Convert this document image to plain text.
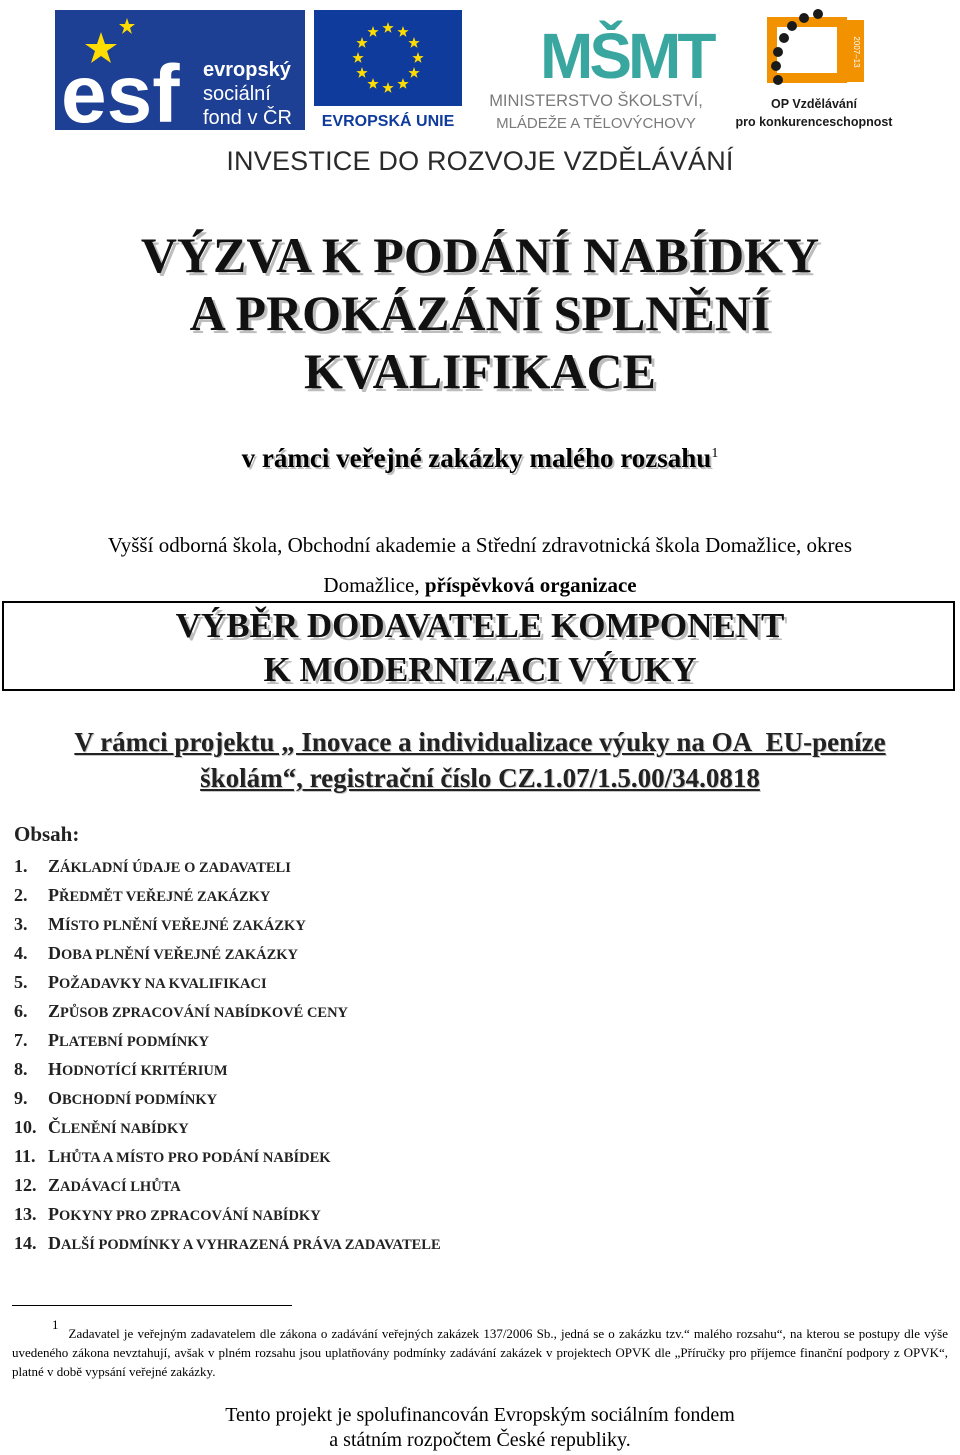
esf evropský
sociální
fond v ČR EVROPSKÁ UNIE
MŠMT
MINISTERSTVO ŠKOLSTVÍ,
MLÁDEŽE A TĚLOVÝCHOVY
2007–13
OP Vzdělávání
pro konkurenceschopnost
INVESTICE DO ROZVOJE VZDĚLÁVÁNÍ
VÝZVA K PODÁNÍ NABÍDKY
A PROKÁZÁNÍ SPLNĚNÍ
KVALIFIKACE
v rámci veřejné zakázky malého rozsahu$^1$
Vyšší odborná škola, Obchodní akademie a Střední zdravotnická škola Domažlice, okres
Domažlice, příspěvková organizace
VÝBĚR DODAVATELE KOMPONENT
K MODERNIZACI VÝUKY
V rámci projektu „ Inovace a individualizace výuky na OA_EU-peníze
školám“, registrační číslo CZ.1.07/1.5.00/34.0818
Obsah:
1. ZÁKLADNÍ ÚDAJE O ZADAVATELI
2. PŘEDMĚT VEŘEJNÉ ZAKÁZKY
3. MÍSTO PLNĚNÍ VEŘEJNÉ ZAKÁZKY
4. DOBA PLNĚNÍ VEŘEJNÉ ZAKÁZKY
5. POŽADAVKY NA KVALIFIKACI
6. ZPŮSOB ZPRACOVÁNÍ NABÍDKOVÉ CENY
7. PLATEBNÍ PODMÍNKY
8. HODNOTÍCÍ KRITÉRIUM
9. OBCHODNÍ PODMÍNKY
10. ČLENĚNÍ NABÍDKY
11. LHŮTA A MÍSTO PRO PODÁNÍ NABÍDEK
12. ZADÁVACÍ LHŮTA
13. POKYNY PRO ZPRACOVÁNÍ NABÍDKY
14. DALŠÍ PODMÍNKY A VYHRAZENÁ PRÁVA ZADAVATELE
$^1$Zadavatel je veřejným zadavatelem dle zákona o zadávání veřejných zakázek 137/2006 Sb., jedná se o zakázku tzv.“ malého rozsahu“, na kterou se postupy dle výše uvedeného zákona nevztahují, avšak v plném rozsahu jsou uplatňovány podmínky zadávání zakázek v projektech OPVK dle „Příručky pro příjemce finanční podpory z OPVK“, platné v době vypsání veřejné zakázky.
Tento projekt je spolufinancován Evropským sociálním fondem
a státním rozpočtem České republiky.
